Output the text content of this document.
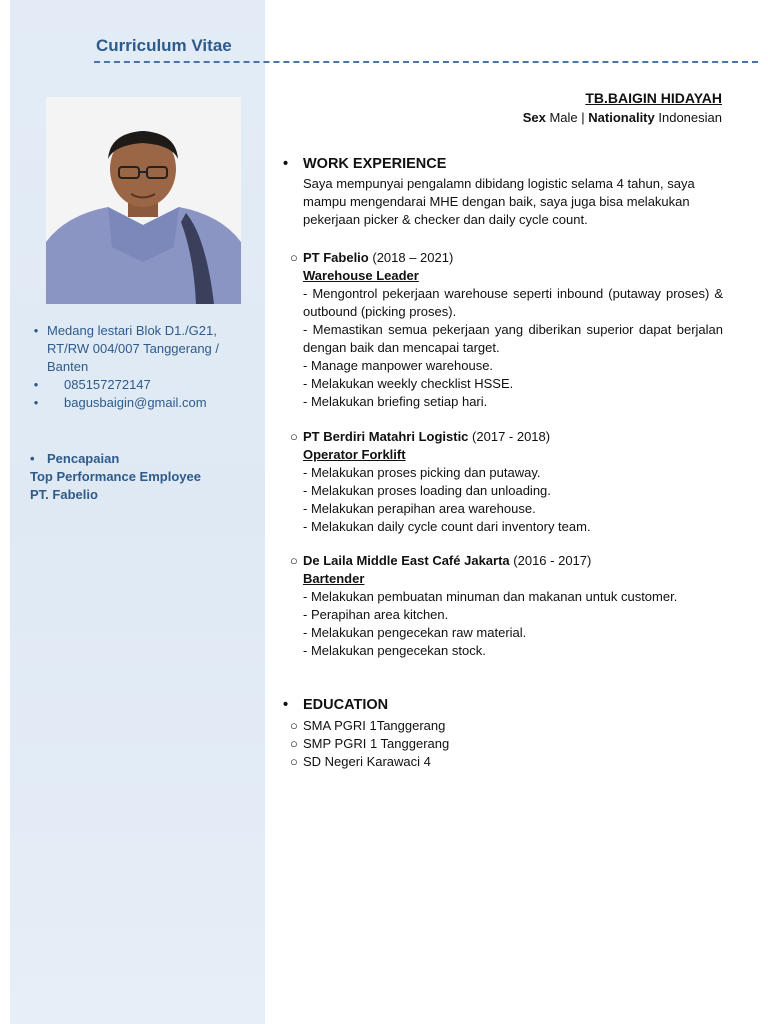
Curriculum Vitae
• Medang lestari Blok D1./G21, RT/RW 004/007 Tanggerang / Banten
• 085157272147
• bagusbaigin@gmail.com
• Pencapaian
Top Performance Employee
PT. Fabelio
TB.BAIGIN HIDAYAH
Sex Male | Nationality Indonesian
• WORK EXPERIENCE
Saya mempunyai pengalamn dibidang logistic selama 4 tahun, saya mampu mengendarai MHE dengan baik, saya juga bisa melakukan pekerjaan picker & checker dan daily cycle count.
○ PT Fabelio (2018 – 2021)
Warehouse Leader
- Mengontrol pekerjaan warehouse seperti inbound (putaway proses) & outbound (picking proses).
- Memastikan semua pekerjaan yang diberikan superior dapat berjalan dengan baik dan mencapai target.
- Manage manpower warehouse.
- Melakukan weekly checklist HSSE.
- Melakukan briefing setiap hari.
○ PT Berdiri Matahri Logistic (2017 - 2018)
Operator Forklift
- Melakukan proses picking dan putaway.
- Melakukan proses loading dan unloading.
- Melakukan perapihan area warehouse.
- Melakukan daily cycle count dari inventory team.
○ De Laila Middle East Café Jakarta (2016 - 2017)
Bartender
- Melakukan pembuatan minuman dan makanan untuk customer.
- Perapihan area kitchen.
- Melakukan pengecekan raw material.
- Melakukan pengecekan stock.
• EDUCATION
○ SMA PGRI 1Tanggerang
○ SMP PGRI 1 Tanggerang
○ SD Negeri Karawaci 4
